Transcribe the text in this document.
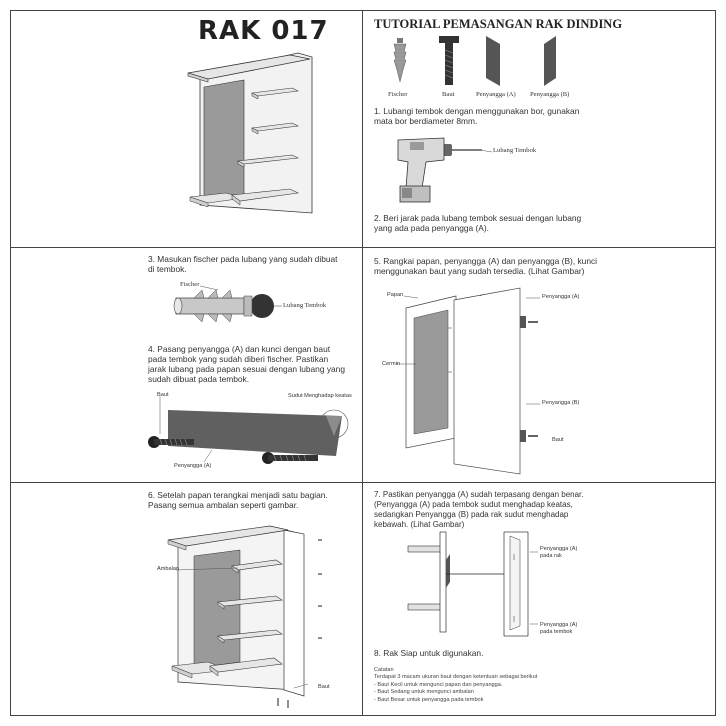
RAK 017	TUTORIAL PEMASANGAN RAK DINDING
Fischer	Baut	Penyangga (A) Penyangga (B)
1. Lubangi tembok dengan menggunakan bor, gunakan mata bor berdiameter 8mm.
Lubang Tembok
2. Beri jarak pada lubang tembok sesuai dengan lubang yang ada pada penyangga (A).
3. Masukan fischer pada lubang yang sudah dibuat di tembok.
Fischer
Lubang Tembok
4. Pasang penyangga (A) dan kunci dengan baut pada tembok yang sudah diberi fischer. Pastikan jarak lubang pada papan sesuai dengan lubang yang sudah dibuat pada tembok.
Baut	Sudut Menghadap keatas
Penyangga (A)
5. Rangkai papan, penyangga (A) dan penyangga (B), kunci menggunakan baut yang sudah tersedia. (Lihat Gambar)
Papan
Cermin
Penyangga (A)
Penyangga (B)
Baut
6. Setelah papan terangkai menjadi satu bagian. Pasang semua ambalan seperti gambar.
Ambalan
Baut
7. Pastikan penyangga (A) sudah terpasang dengan benar. (Penyangga (A) pada tembok sudut menghadap keatas, sedangkan Penyangga (B) pada rak sudut menghadap kebawah. (Lihat Gambar)
Penyangga (A)
pada rak
Penyangga (A)
pada tembok
8. Rak Siap untuk digunakan.
Catatan
Terdapat 3 macam ukuran baut dengan ketentuan sebagai berikut
- Baut Kecil untuk mengunci papan dan penyangga.
- Baut Sedang untuk mengunci ambalan
- Baut Besar untuk penyangga pada tembok
